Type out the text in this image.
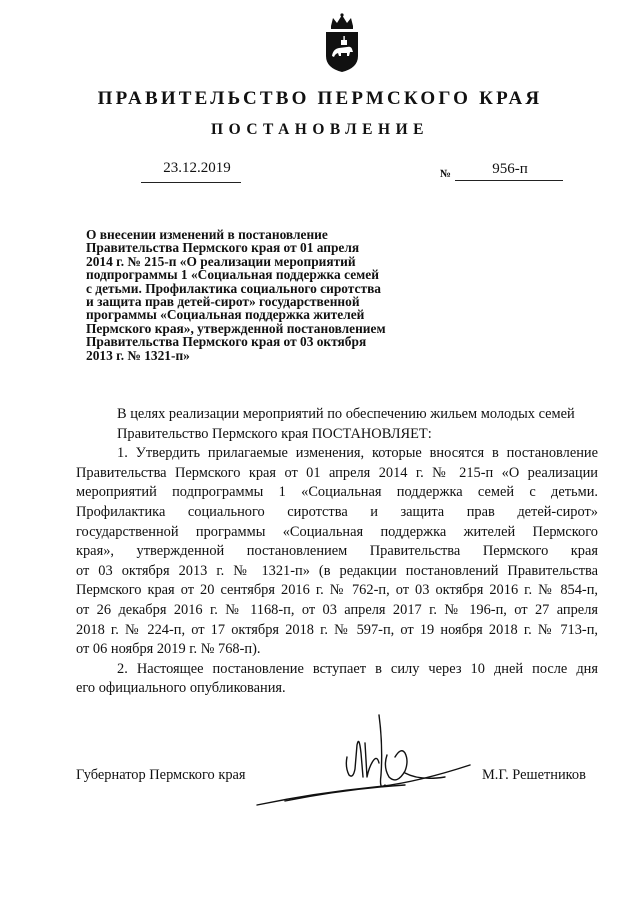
ПРАВИТЕЛЬСТВО ПЕРМСКОГО КРАЯ
ПОСТАНОВЛЕНИЕ
23.12.2019	№	956-п
О внесении изменений в постановление
Правительства Пермского края от 01 апреля
2014 г. № 215-п «О реализации мероприятий
подпрограммы 1 «Социальная поддержка семей
с детьми. Профилактика социального сиротства
и защита прав детей-сирот» государственной
программы «Социальная поддержка жителей
Пермского края», утвержденной постановлением
Правительства Пермского края от 03 октября
2013 г. № 1321-п»
В целях реализации мероприятий по обеспечению жильем молодых семей
Правительство Пермского края ПОСТАНОВЛЯЕТ:
1. Утвердить прилагаемые изменения, которые вносятся в постановление
Правительства Пермского края от 01 апреля 2014 г. № 215-п «О реализации
мероприятий подпрограммы 1 «Социальная поддержка семей с детьми.
Профилактика социального сиротства и защита прав детей-сирот»
государственной программы «Социальная поддержка жителей Пермского
края», утвержденной постановлением Правительства Пермского края
от 03 октября 2013 г. № 1321-п» (в редакции постановлений Правительства
Пермского края от 20 сентября 2016 г. № 762-п, от 03 октября 2016 г. № 854-п,
от 26 декабря 2016 г. № 1168-п, от 03 апреля 2017 г. № 196-п, от 27 апреля
2018 г. № 224-п, от 17 октября 2018 г. № 597-п, от 19 ноября 2018 г. № 713-п,
от 06 ноября 2019 г. № 768-п).
2. Настоящее постановление вступает в силу через 10 дней после дня
его официального опубликования.
Губернатор Пермского края	М.Г. Решетников
